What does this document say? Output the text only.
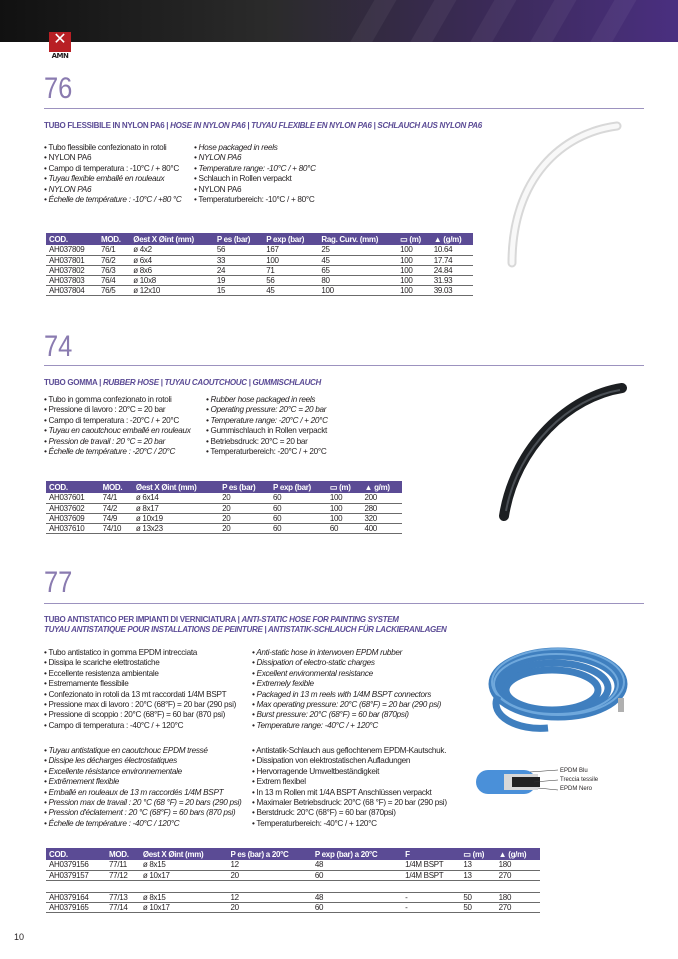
✕
AMN
76
TUBO FLESSIBILE IN NYLON PA6 | HOSE IN NYLON PA6 | TUYAU FLEXIBLE EN NYLON PA6 | SCHLAUCH AUS NYLON PA6
• Tubo flessibile confezionato in rotoli
• NYLON PA6
• Campo di temperatura : -10°C / + 80°C
• Tuyau flexible emballé en rouleaux
• NYLON PA6
• Échelle de température : -10°C / +80 °C
• Hose packaged in reels
• NYLON PA6
• Temperature range: -10°C / + 80°C
• Schlauch in Rollen verpackt
• NYLON PA6
• Temperaturbereich: -10°C / + 80°C
COD.	MOD.	Øest X Øint (mm)	P es (bar)	P exp (bar)	Rag. Curv. (mm)	▭ (m)	▲ (g/m)
AH037809	76/1	ø 4x2	56	167	25	100	10.64
AH037801	76/2	ø 6x4	33	100	45	100	17.74
AH037802	76/3	ø 8x6	24	71	65	100	24.84
AH037803	76/4	ø 10x8	19	56	80	100	31.93
AH037804	76/5	ø 12x10	15	45	100	100	39.03
74
TUBO GOMMA | RUBBER HOSE | TUYAU CAOUTCHOUC | GUMMISCHLAUCH
• Tubo in gomma confezionato in rotoli
• Pressione di lavoro : 20°C = 20 bar
• Campo di temperatura : -20°C / + 20°C
• Tuyau en caoutchouc emballé en rouleaux
• Pression de travail : 20 °C = 20 bar
• Échelle de température : -20°C / 20°C
• Rubber hose packaged in reels
• Operating pressure: 20°C = 20 bar
• Temperature range: -20°C / + 20°C
• Gummischlauch in Rollen verpackt
• Betriebsdruck: 20°C = 20 bar
• Temperaturbereich: -20°C / + 20°C
COD.	MOD.	Øest X Øint (mm)	P es (bar)	P exp (bar)	▭ (m)	▲ g/m)
AH037601	74/1	ø 6x14	20	60	100	200
AH037602	74/2	ø 8x17	20	60	100	280
AH037609	74/9	ø 10x19	20	60	100	320
AH037610	74/10	ø 13x23	20	60	60	400
77
TUBO ANTISTATICO PER IMPIANTI DI VERNICIATURA | ANTI-STATIC HOSE FOR PAINTING SYSTEM
TUYAU ANTISTATIQUE POUR INSTALLATIONS DE PEINTURE | ANTISTATIK-SCHLAUCH FÜR LACKIERANLAGEN
• Tubo antistatico in gomma EPDM intrecciata
• Dissipa le scariche elettrostatiche
• Eccellente resistenza ambientale
• Estremamente flessibile
• Confezionato in rotoli da 13 mt raccordati 1/4M BSPT
• Pressione max di lavoro : 20°C (68°F) = 20 bar (290 psi)
• Pressione di scoppio : 20°C (68°F) = 60 bar (870 psi)
• Campo di temperatura : -40°C / + 120°C
• Anti-static hose in interwoven EPDM rubber
• Dissipation of electro-static charges
• Excellent environmental resistance
• Extremely fexible
• Packaged in 13 m reels with 1/4M BSPT connectors
• Max operating pressure: 20°C (68°F) = 20 bar (290 psi)
• Burst pressure: 20°C (68°F) = 60 bar (870psi)
• Temperature range: -40°C / + 120°C
• Tuyau antistatique en caoutchouc EPDM tressé
• Dissipe les décharges électrostatiques
• Excellente résistance environnementale
• Extrêmement flexible
• Emballé en rouleaux de 13 m raccordés 1/4M BSPT
• Pression max de travail : 20 °C (68 °F) = 20 bars (290 psi)
• Pression d'éclatement : 20 °C (68°F) = 60 bars (870 psi)
• Échelle de température : -40°C / 120°C
• Antistatik-Schlauch aus geflochtenem EPDM-Kautschuk.
• Dissipation von elektrostatischen Aufladungen
• Hervorragende Umweltbeständigkeit
• Extrem flexibel
• In 13 m Rollen mit 1/4A BSPT Anschlüssen verpackt
• Maximaler Betriebsdruck: 20°C (68 °F) = 20 bar (290 psi)
• Berstdruck: 20°C (68°F) = 60 bar (870psi)
• Temperaturbereich: -40°C / + 120°C
EPDM Blu
Treccia tessile
EPDM Nero
COD.	MOD.	Øest X Øint (mm)	P es (bar) a 20°C	P exp (bar) a 20°C	F	▭ (m)	▲ (g/m)
AH0379156	77/11	ø 8x15	12	48	1/4M BSPT	13	180
AH0379157	77/12	ø 10x17	20	60	1/4M BSPT	13	270

AH0379164	77/13	ø 8x15	12	48	-	50	180
AH0379165	77/14	ø 10x17	20	60	-	50	270
10
